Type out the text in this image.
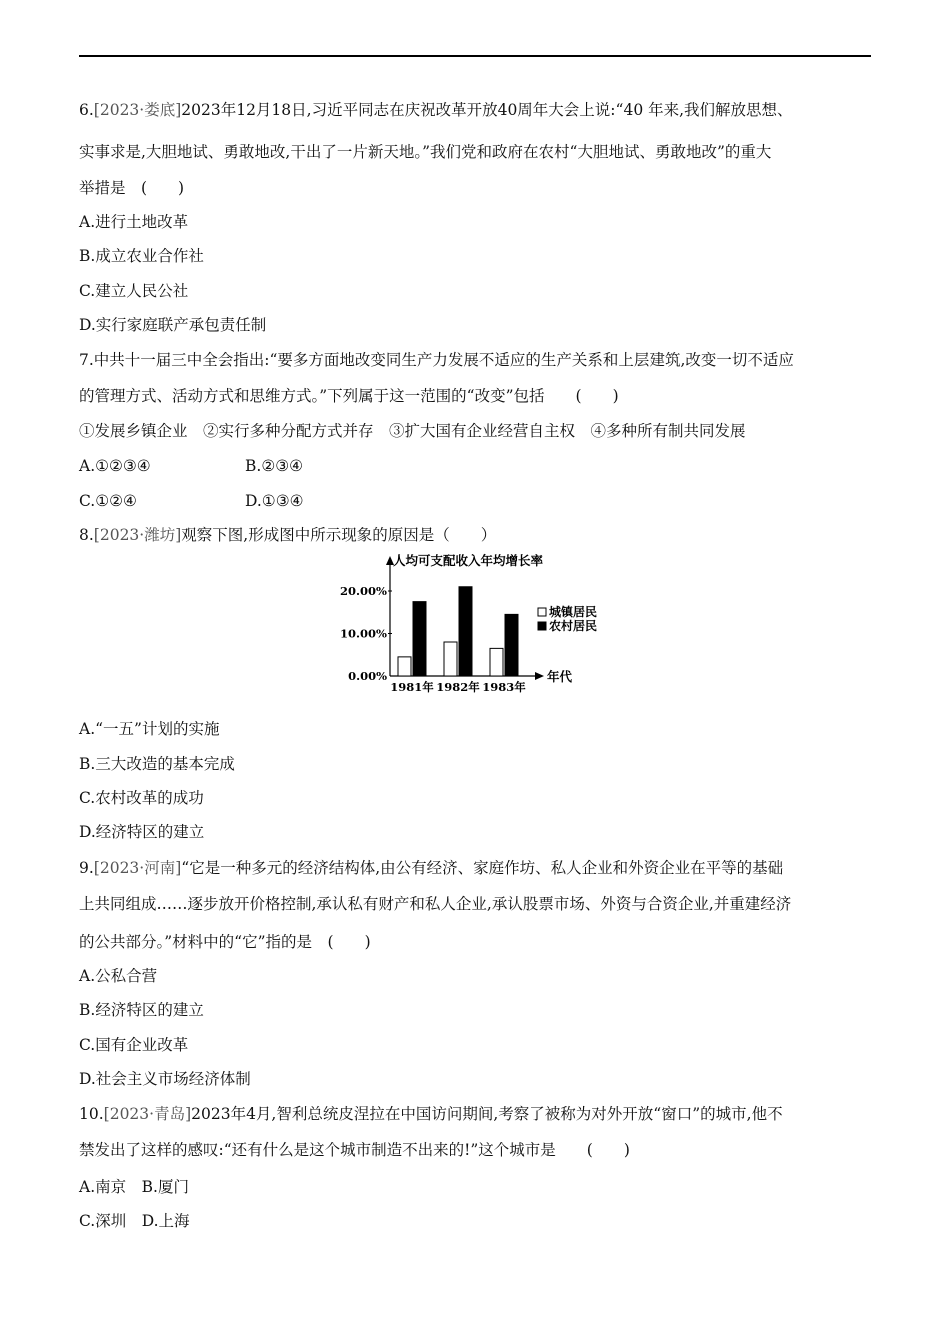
6.[2023·娄底]2023年12月18日,习近平同志在庆祝改革开放40周年大会上说:“40 年来,我们解放思想、
实事求是,大胆地试、勇敢地改,干出了一片新天地。”我们党和政府在农村“大胆地试、勇敢地改”的重大
举措是　(　　)
A.进行土地改革
B.成立农业合作社
C.建立人民公社
D.实行家庭联产承包责任制
7.中共十一届三中全会指出:“要多方面地改变同生产力发展不适应的生产关系和上层建筑,改变一切不适应
的管理方式、活动方式和思维方式。”下列属于这一范围的“改变”包括　　(　　)
①发展乡镇企业　②实行多种分配方式并存　③扩大国有企业经营自主权　④多种所有制共同发展
A.①②③④	B.②③④
C.①②④	D.①③④
8.[2023·潍坊]观察下图,形成图中所示现象的原因是（　　）
人均可支配收入年均增长率
年代
0.00%
10.00%
20.00%
1981年 1982年 1983年
城镇居民
农村居民
A.“一五”计划的实施
B.三大改造的基本完成
C.农村改革的成功
D.经济特区的建立
9.[2023·河南]“它是一种多元的经济结构体,由公有经济、家庭作坊、私人企业和外资企业在平等的基础
上共同组成……逐步放开价格控制,承认私有财产和私人企业,承认股票市场、外资与合资企业,并重建经济
的公共部分。”材料中的“它”指的是　(　　)
A.公私合营
B.经济特区的建立
C.国有企业改革
D.社会主义市场经济体制
10.[2023·青岛]2023年4月,智利总统皮涅拉在中国访问期间,考察了被称为对外开放“窗口”的城市,他不
禁发出了这样的感叹:“还有什么是这个城市制造不出来的!”这个城市是　　(　　)
A.南京　B.厦门
C.深圳　D.上海
